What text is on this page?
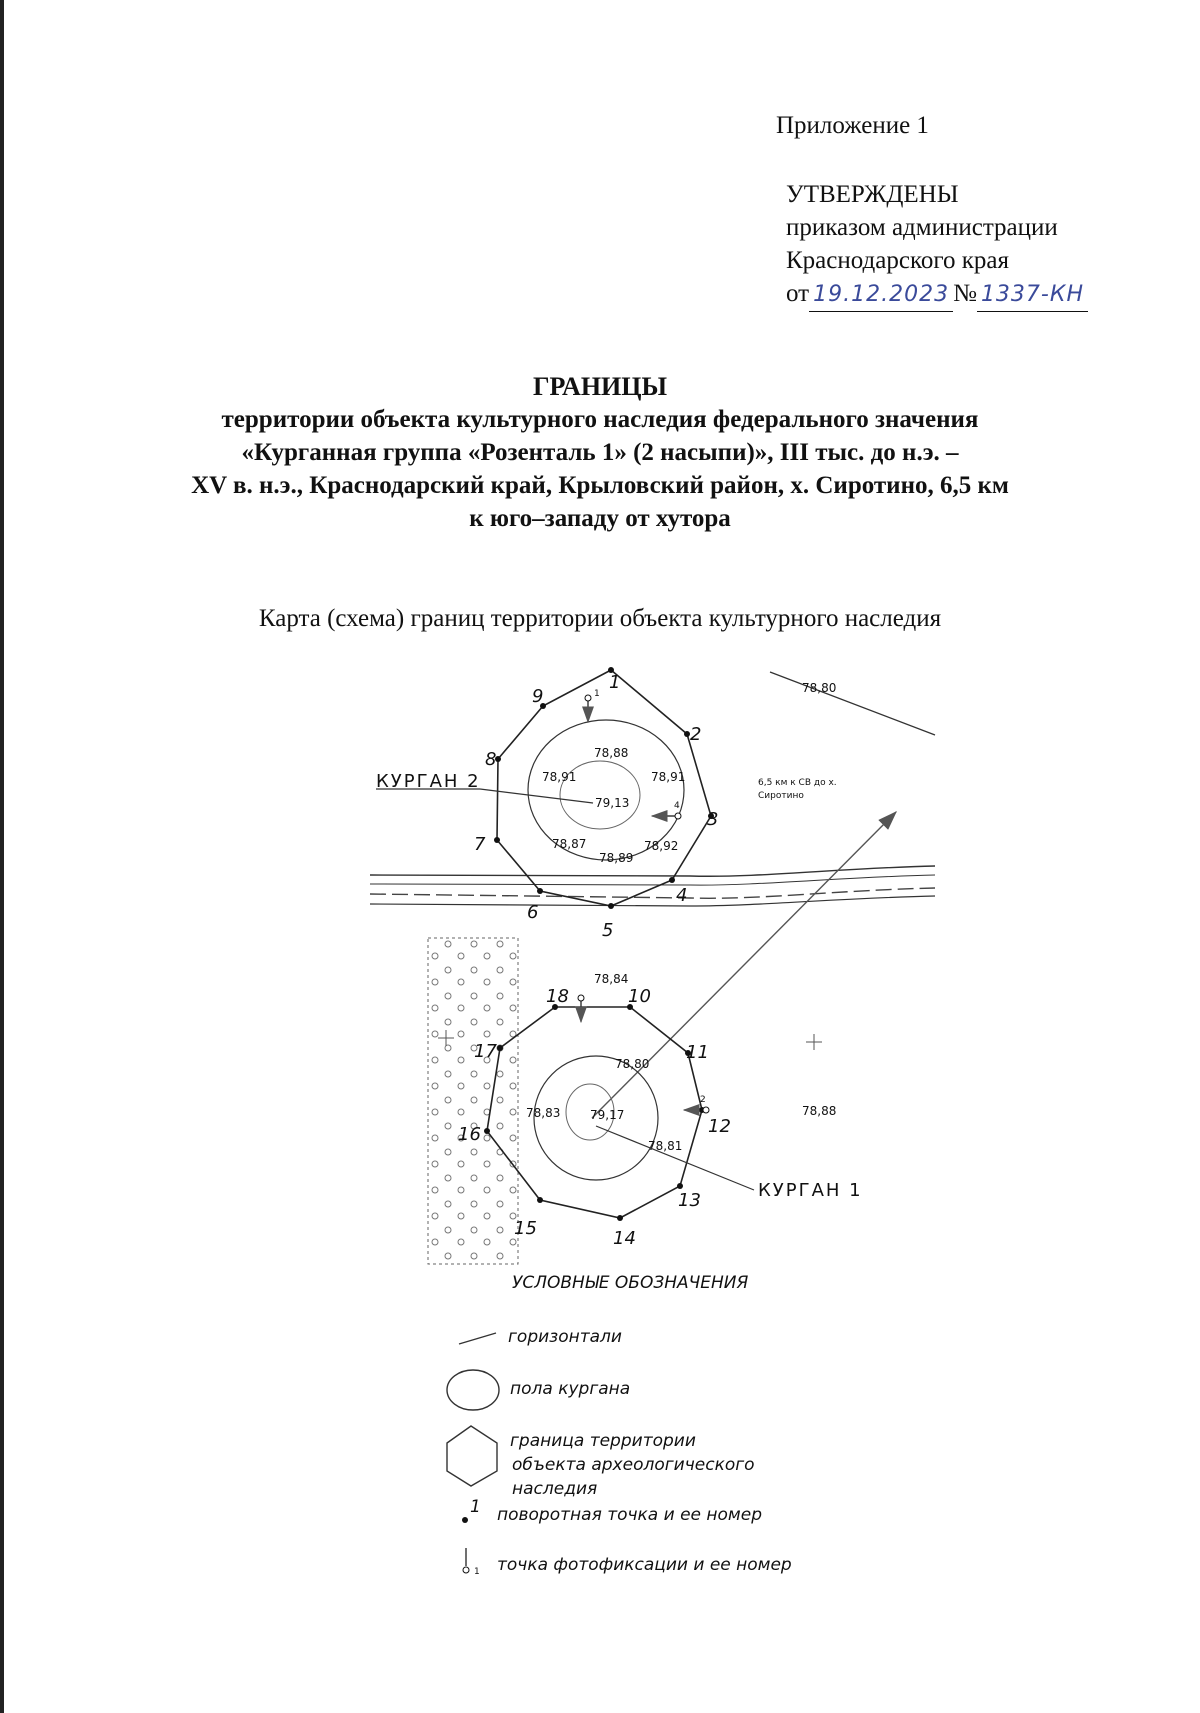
Приложение 1
УТВЕРЖДЕНЫ
приказом администрации
Краснодарского края
от 19.12.2023 № 1337-КН
ГРАНИЦЫ
территории объекта культурного наследия федерального значения
«Курганная группа «Розенталь 1» (2 насыпи)», III тыс. до н.э. –
XV в. н.э., Краснодарский край, Крыловский район, х. Сиротино, 6,5 км
к юго–западу от хутора
Карта (схема) границ территории объекта культурного наследия
78,80
1
2
3
4
5
6
7
8
9	1
4
78,88
78,91	78,91
79,13
78,87	78,92
78,89
КУРГАН 2	6,5 км к СВ до х.
Сиротино
10
11
12
13
14
15
16
17
18
2
78,84
78,80
78,83 79,17
78,81
78,88
КУРГАН 1
УСЛОВНЫЕ ОБОЗНАЧЕНИЯ
горизонтали
пола кургана
граница территории
объекта археологического
наследия
1 поворотная точка и ее номер
1 точка фотофиксации и ее номер
